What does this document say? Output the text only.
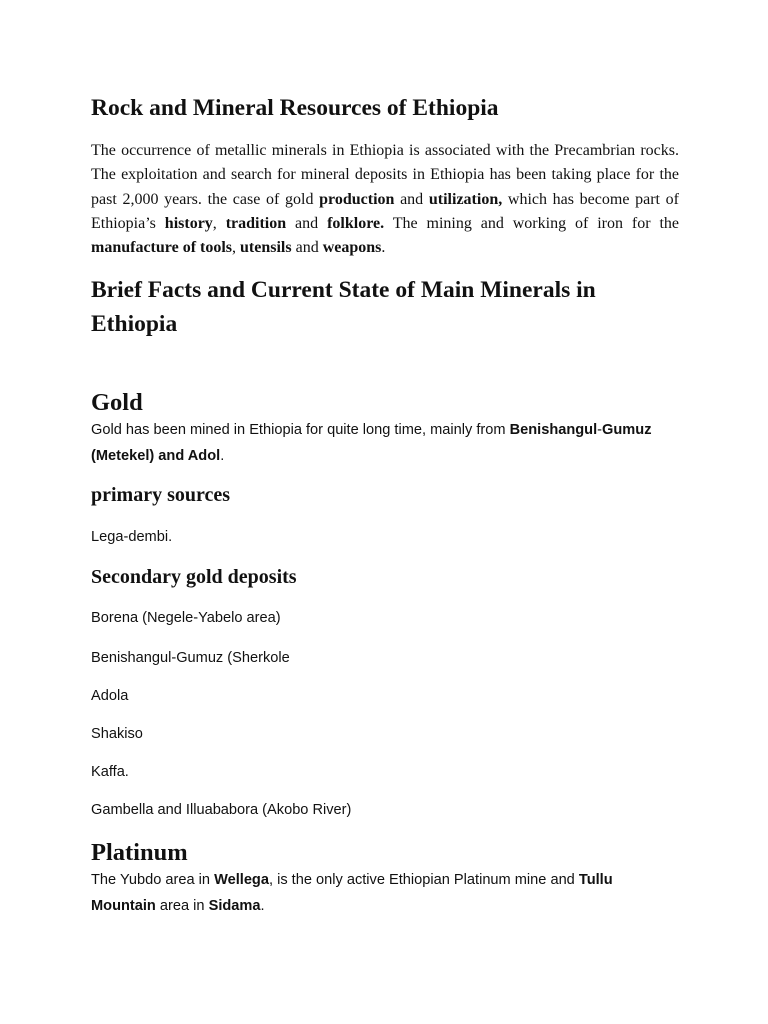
Rock and Mineral Resources of Ethiopia

The occurrence of metallic minerals in Ethiopia is associated with the Precambrian rocks. The exploitation and search for mineral deposits in Ethiopia has been taking place for the past 2,000 years. the case of gold production and utilization, which has become part of Ethiopia’s history, tradition and folklore. The mining and working of iron for the manufacture of tools, utensils and weapons.

Brief Facts and Current State of Main Minerals in Ethiopia
Gold

Gold has been mined in Ethiopia for quite long time, mainly from Benishangul-Gumuz (Metekel) and Adol.

primary sources

Lega-dembi.

Secondary gold deposits

Borena (Negele-Yabelo area)

Benishangul-Gumuz (Sherkole

Adola

Shakiso

Kaffa.

Gambella and Illuababora (Akobo River)

Platinum

The Yubdo area in Wellega, is the only active Ethiopian Platinum mine and Tullu Mountain area in Sidama.
